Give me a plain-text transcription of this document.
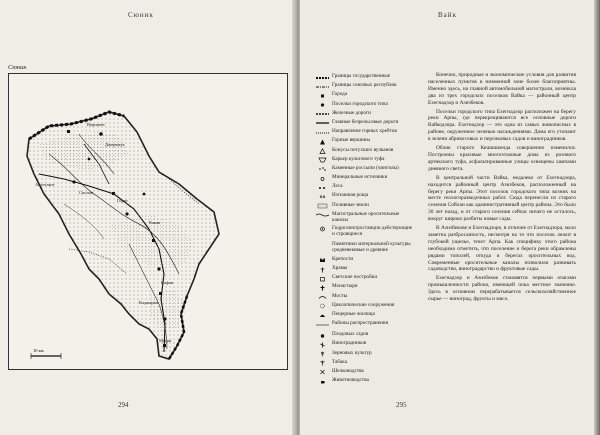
Сюник
Сюник
Веришен
Джерамук
Ангехакот
Сисиан
Горис
Какав
Кафан
Каджаран
Мегри
10 км
294
Вайк
295
Границы государственные
Границы союзных республик
Города
Поселки городского типа
Железные дороги
Главные безрельсовые дороги
Направление горных хребтов
Горные вершины
Конусы потухших вулканов
Карьер культового туфа
Каменные россыпи (чингилы)
Минеральные источники
Леса
Изгнанная роща
Поливные земли
Магистральные оросительные каналы
Гидроэлектростанции действующие и строящиеся
Памятники материальной культуры средневековые и древние
Крепости
Храмы
Светские постройки
Монастыри
Мосты
Циклопические сооружения
Пещерные жилища
Районы распространения
Плодовых садов
Виноградников
Зерновых культур
Табака
Шелководства
Животноводства

Конечно, природные и экономические условия для развития населенных пунктов в низменной зоне более благоприятны. Именно здесь, на главной автомобильной магистрали, возникла два из трех городских поселков Вайка — районный центр Ехегнадзор и Азизбеков.

Поселки городского типа Ехегнадзор расположен на берегу реки Арпы, где перекрещиваются все основные дороги Вайкодзора. Ехегнадзор — это одна из самых живописных в районе, окруженное зеленью насаждениями. Дома его утопают в зелени абрикосовых и персиковых садов и виноградников.

Облик старого Кешишкенда совершенно изменился. Построены красивые многоэтажные дома из розового артикского туфа, асфальтированные улицы освещены лампами дневного света.

В центральной части Вайка, недалеко от Ехегнадзора, находится районный центр Азизбеков, расположенный на берегу реки Арпы. Этот поселок городского типа возник на месте геологоразведочных работ. Сюда перенесли из старого селения Сойлан как административный центр района. Это было 30 лет назад, и от старого селения сейчас ничего не осталось, вокруг широко разбиты новые сады.

В Азизбекове и Ехегнадзоре, в отличие от Ехегнадзора, мало заметна разбросанность, несмотря на то что поселок лежит в глубокой ущелье, течет Арпа. Как специфику этого района необходимо отметить, что поселение и берега реки обрамлены рядами тополей, откуда в берегах оросительных вод. Современные оросительные каналы позволили развивать садоводство, виноградарство и фруктовые сады.

Ехегнадзор и Азизбеков становятся первыми очагами промышленности района, имеющей пока местное значение. Здесь в основном перерабатывается сельскохозяйственное сырье — виноград, фрукты и мясо.
